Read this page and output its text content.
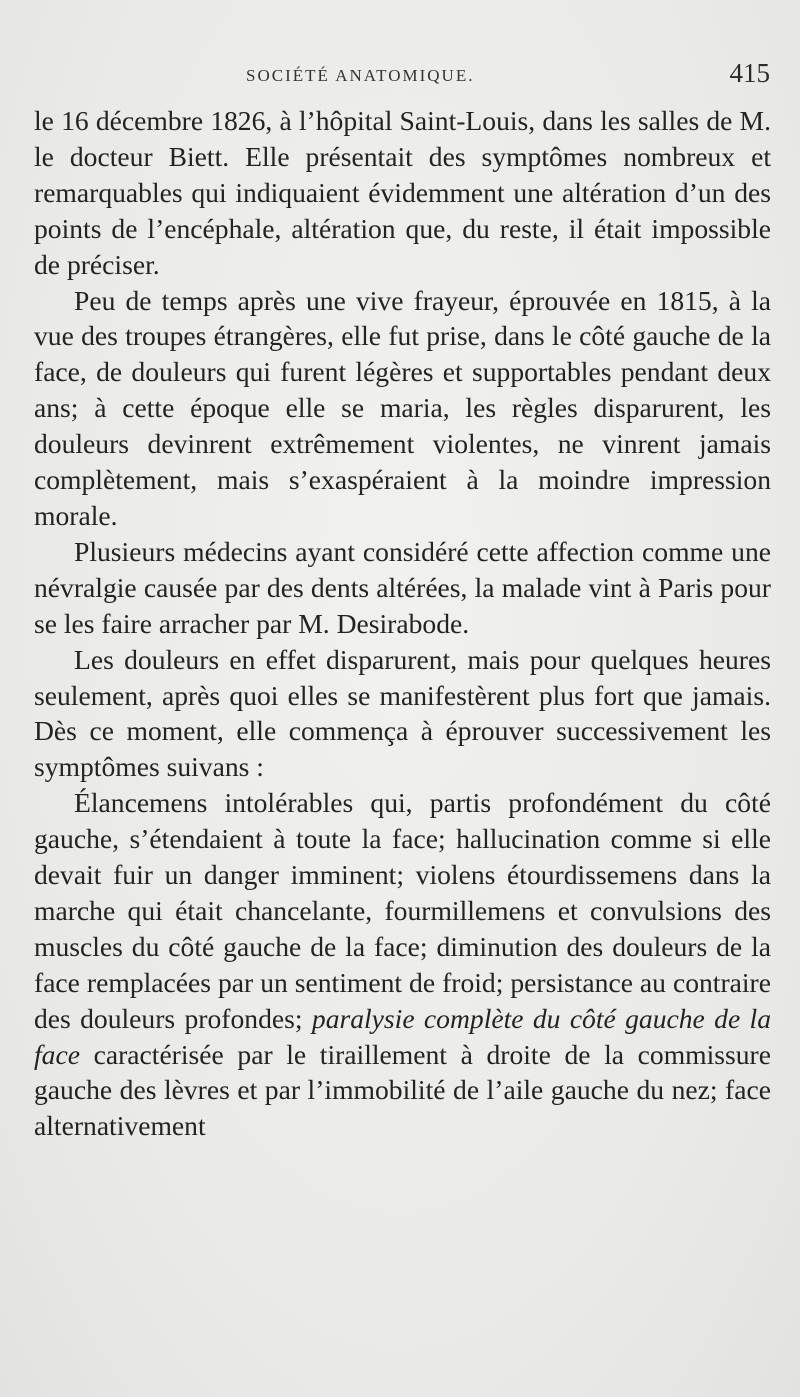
SOCIÉTÉ ANATOMIQUE.	415

le 16 décembre 1826, à l’hôpital Saint-Louis, dans les salles de M. le docteur Biett. Elle présentait des symptômes nombreux et remarquables qui indiquaient évidemment une altération d’un des points de l’encéphale, altération que, du reste, il était impossible de préciser.

Peu de temps après une vive frayeur, éprouvée en 1815, à la vue des troupes étrangères, elle fut prise, dans le côté gauche de la face, de douleurs qui furent légères et supportables pendant deux ans; à cette époque elle se maria, les règles disparurent, les douleurs devinrent extrêmement violentes, ne vinrent jamais complètement, mais s’exaspéraient à la moindre impression morale.

Plusieurs médecins ayant considéré cette affection comme une névralgie causée par des dents altérées, la malade vint à Paris pour se les faire arracher par M. Desirabode.

Les douleurs en effet disparurent, mais pour quelques heures seulement, après quoi elles se manifestèrent plus fort que jamais. Dès ce moment, elle commença à éprouver successivement les symptômes suivans :

Élancemens intolérables qui, partis profondément du côté gauche, s’étendaient à toute la face; hallucination comme si elle devait fuir un danger imminent; violens étourdissemens dans la marche qui était chancelante, fourmillemens et convulsions des muscles du côté gauche de la face; diminution des douleurs de la face remplacées par un sentiment de froid; persistance au contraire des douleurs profondes; paralysie complète du côté gauche de la face caractérisée par le tiraillement à droite de la commissure gauche des lèvres et par l’immobilité de l’aile gauche du nez; face alternativement
